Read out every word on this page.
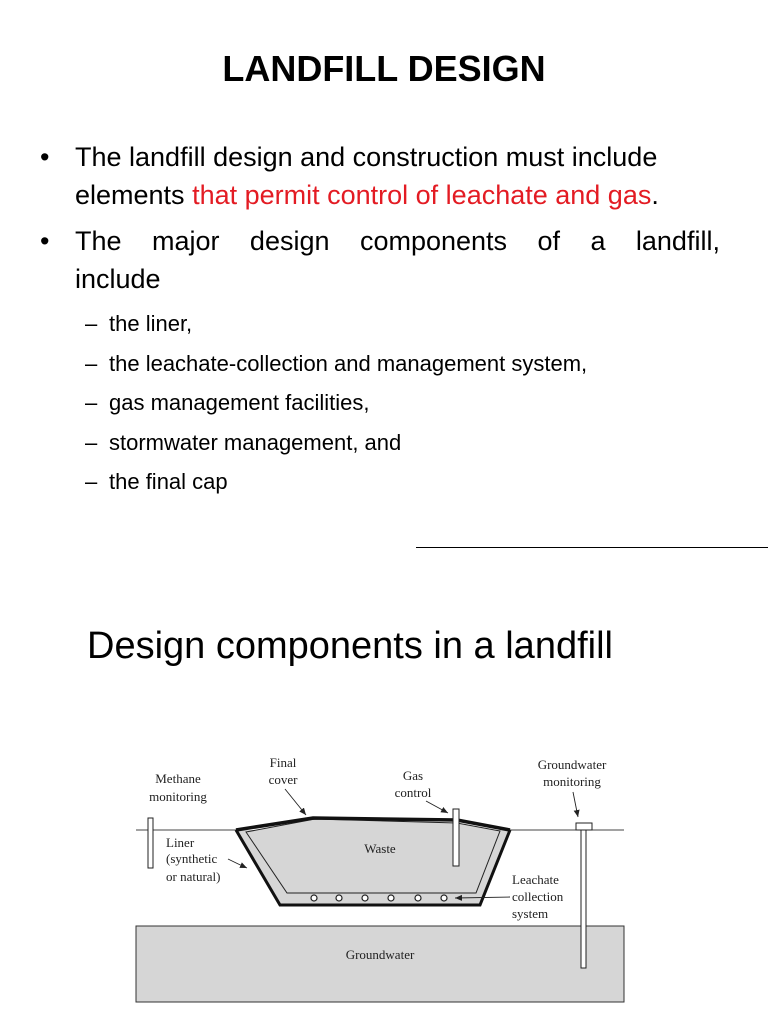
LANDFILL DESIGN
• The landfill design and construction must include elements that permit control of leachate and gas.
• The major design components of a landfill,
include
– the liner,
– the leachate-collection and management system,
– gas management facilities,
– stormwater management, and
– the final cap
Design components in a landfill
Groundwater
Waste
Methane
monitoring
Gas
control
Final
cover
Groundwater
monitoring
Liner
(synthetic
or natural)	Leachate
collection
system
